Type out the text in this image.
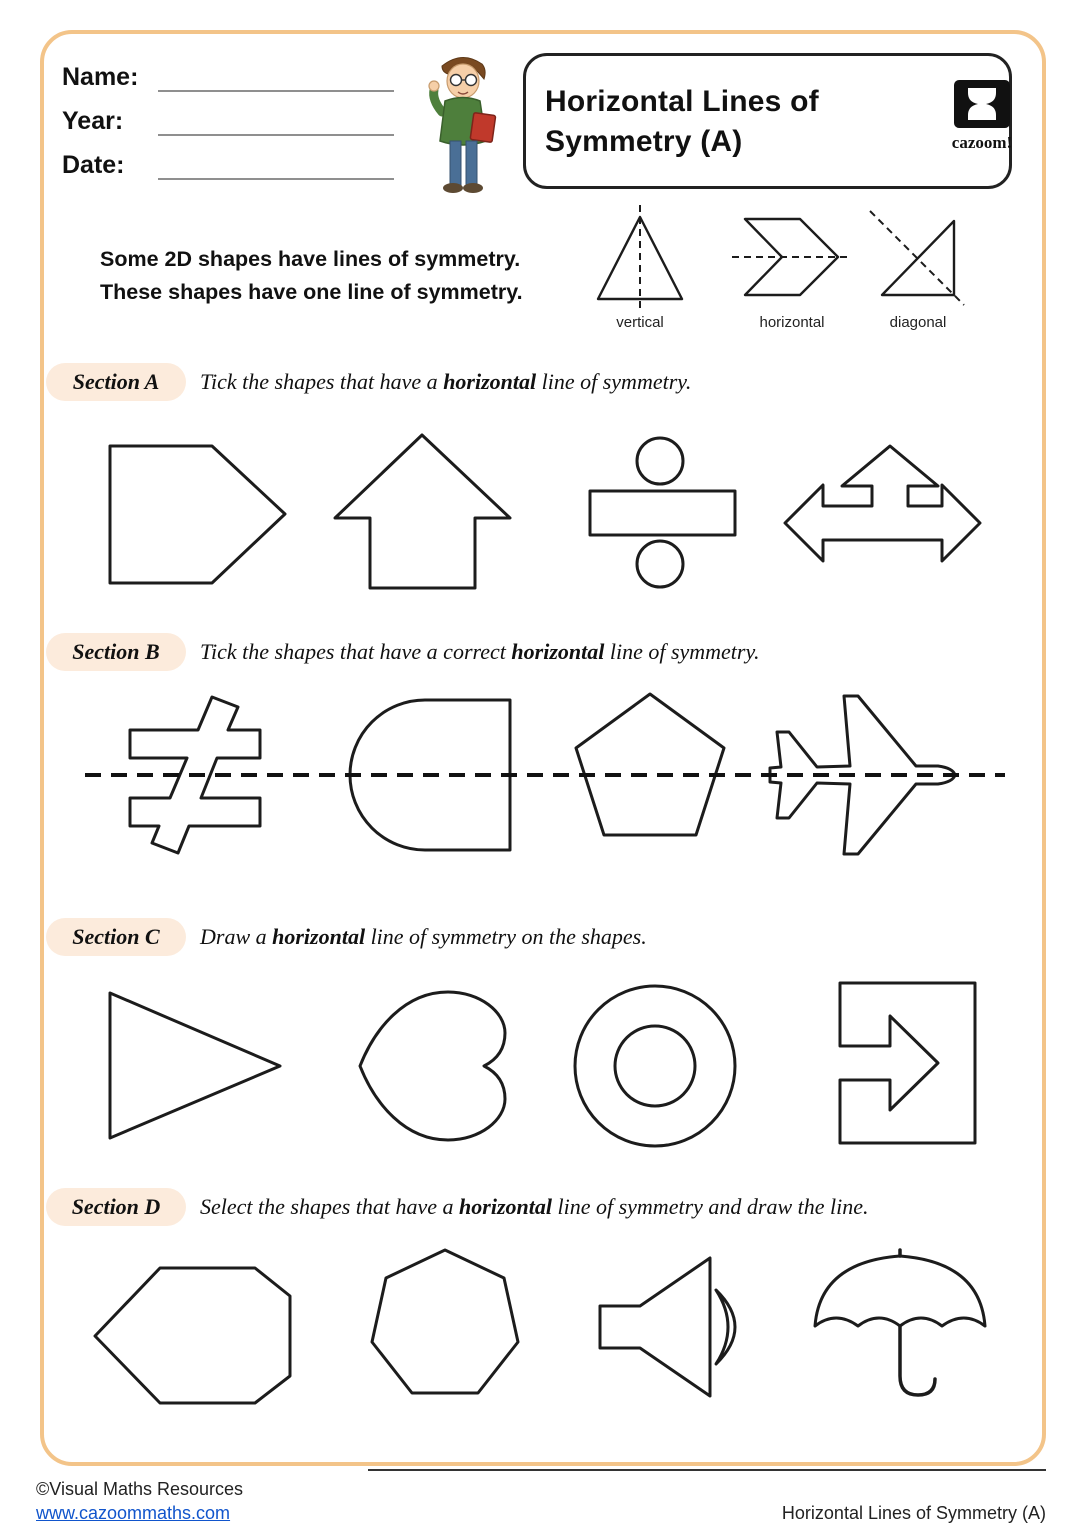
Name:
Year:
Date:
Horizontal Lines of
Symmetry (A)	cazoom!
Some 2D shapes have lines of symmetry.
These shapes have one line of symmetry.
vertical	horizontal	diagonal
Section A	Tick the shapes that have a horizontal line of symmetry.
Section B	Tick the shapes that have a correct horizontal line of symmetry.
Section C	Draw a horizontal line of symmetry on the shapes.
Section D	Select the shapes that have a horizontal line of symmetry and draw the line.
©Visual Maths Resources
www.cazoommaths.com	Horizontal Lines of Symmetry (A)
